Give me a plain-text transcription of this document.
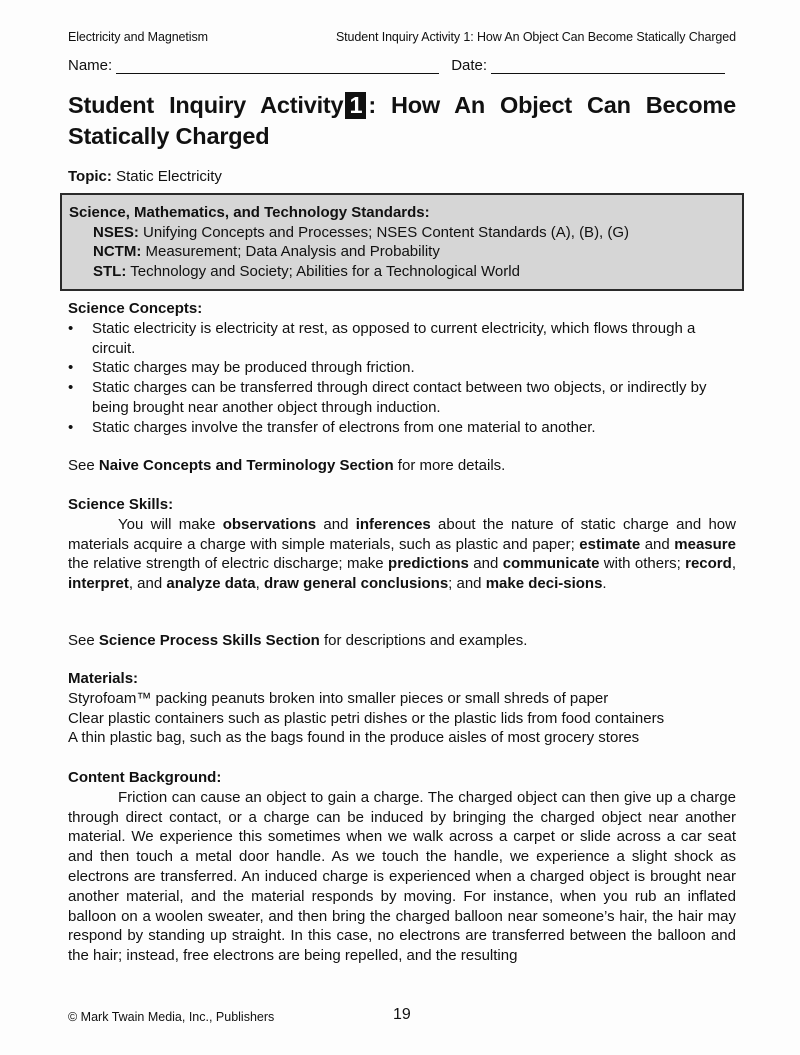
Electricity and Magnetism	Student Inquiry Activity 1: How An Object Can Become Statically Charged
Name:	Date:
Student Inquiry Activity 1 : How An Object Can Become Statically Charged
Topic: Static Electricity
Science, Mathematics, and Technology Standards:
NSES: Unifying Concepts and Processes; NSES Content Standards (A), (B), (G)
NCTM: Measurement; Data Analysis and Probability
STL: Technology and Society; Abilities for a Technological World
Science Concepts:
• Static electricity is electricity at rest, as opposed to current electricity, which flows through a circuit.
• Static charges may be produced through friction.
• Static charges can be transferred through direct contact between two objects, or indirectly by being brought near another object through induction.
• Static charges involve the transfer of electrons from one material to another.
See Naive Concepts and Terminology Section for more details.
Science Skills:

You will make observations and inferences about the nature of static charge and how materials acquire a charge with simple materials, such as plastic and paper; estimate and measure the relative strength of electric discharge; make predictions and communicate with others; record, interpret, and analyze data, draw general conclusions; and make deci-sions.

See Science Process Skills Section for descriptions and examples.
Materials:
Styrofoam™ packing peanuts broken into smaller pieces or small shreds of paper
Clear plastic containers such as plastic petri dishes or the plastic lids from food containers
A thin plastic bag, such as the bags found in the produce aisles of most grocery stores
Content Background:

Friction can cause an object to gain a charge. The charged object can then give up a charge through direct contact, or a charge can be induced by bringing the charged object near another material. We experience this sometimes when we walk across a carpet or slide across a car seat and then touch a metal door handle. As we touch the handle, we experience a slight shock as electrons are transferred. An induced charge is experienced when a charged object is brought near another material, and the material responds by moving. For instance, when you rub an inflated balloon on a woolen sweater, and then bring the charged balloon near someone’s hair, the hair may respond by standing up straight. In this case, no electrons are transferred between the balloon and the hair; instead, free electrons are being repelled, and the resulting

© Mark Twain Media, Inc., Publishers	19
